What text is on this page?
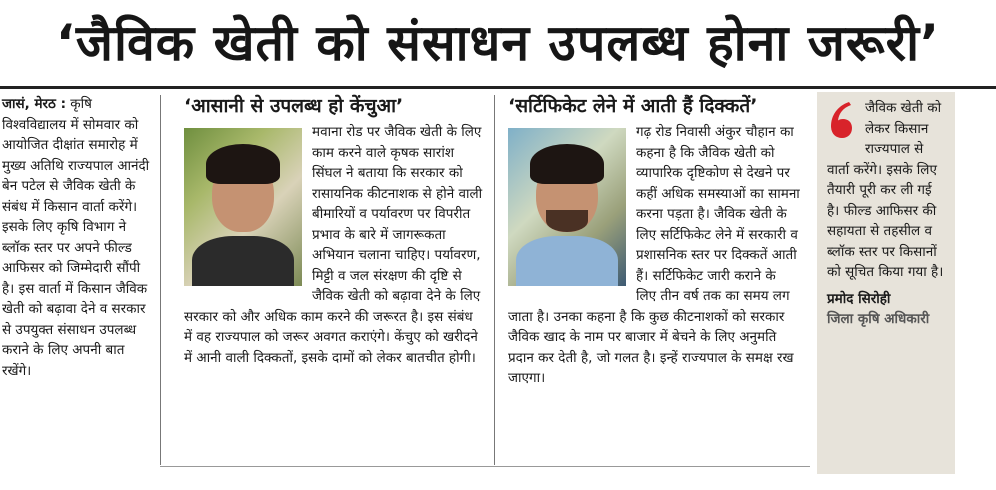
‘जैविक खेती को संसाधन उपलब्ध होना जरूरी’

जासं, मेरठ : कृषि विश्वविद्यालय में सोमवार को आयोजित दीक्षांत समारोह में मुख्य अतिथि राज्यपाल आनंदी बेन पटेल से जैविक खेती के संबंध में किसान वार्ता करेंगे। इसके लिए कृषि विभाग ने ब्लॉक स्तर पर अपने फील्ड आफिसर को जिम्मेदारी सौंपी है। इस वार्ता में किसान जैविक खेती को बढ़ावा देने व सरकार से उपयुक्त संसाधन उपलब्ध कराने के लिए अपनी बात रखेंगे।

‘आसानी से उपलब्ध हो केंचुआ’

मवाना रोड पर जैविक खेती के लिए काम करने वाले कृषक सारांश सिंघल ने बताया कि सरकार को रासायनिक कीटनाशक से होने वाली बीमारियों व पर्यावरण पर विपरीत प्रभाव के बारे में जागरूकता अभियान चलाना चाहिए। पर्यावरण, मिट्टी व जल संरक्षण की दृष्टि से जैविक खेती को बढ़ावा देने के लिए सरकार को और अधिक काम करने की जरूरत है। इस संबंध में वह राज्यपाल को जरूर अवगत कराएंगे। केंचुए को खरीदने में आनी वाली दिक्कतों, इसके दामों को लेकर बातचीत होगी।

‘सर्टिफिकेट लेने में आती हैं दिक्कतें’

गढ़ रोड निवासी अंकुर चौहान का कहना है कि जैविक खेती को व्यापारिक दृष्टिकोण से देखने पर कहीं अधिक समस्याओं का सामना करना पड़ता है। जैविक खेती के लिए सर्टिफिकेट लेने में सरकारी व प्रशासनिक स्तर पर दिक्कतें आती हैं। सर्टिफिकेट जारी कराने के लिए तीन वर्ष तक का समय लग जाता है। उनका कहना है कि कुछ कीटनाशकों को सरकार जैविक खाद के नाम पर बाजार में बेचने के लिए अनुमति प्रदान कर देती है, जो गलत है। इन्हें राज्यपाल के समक्ष रख जाएगा।

जैविक खेती को लेकर किसान राज्यपाल से वार्ता करेंगे। इसके लिए तैयारी पूरी कर ली गई है। फील्ड आफिसर की सहायता से तहसील व ब्लॉक स्तर पर किसानों को सूचित किया गया है।
प्रमोद सिरोही
जिला कृषि अधिकारी
